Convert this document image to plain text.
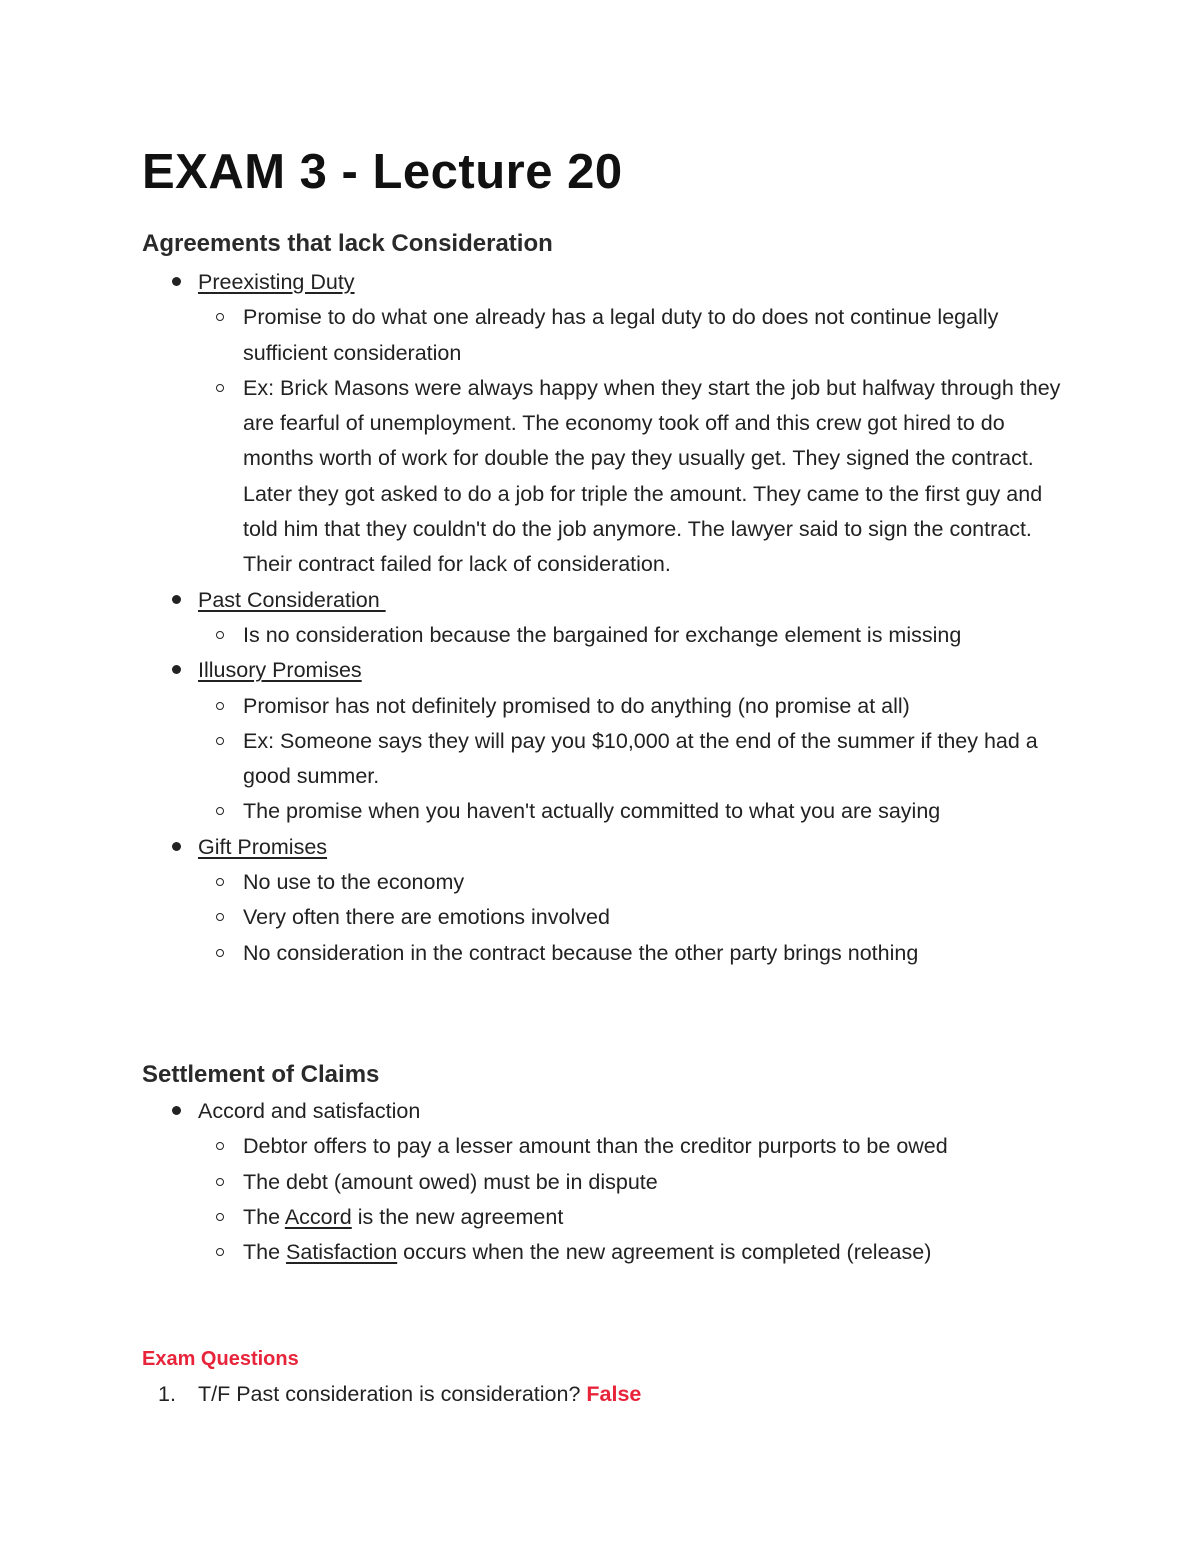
EXAM 3 - Lecture 20
Agreements that lack Consideration
Preexisting Duty
Promise to do what one already has a legal duty to do does not continue legally sufficient consideration
Ex: Brick Masons were always happy when they start the job but halfway through they are fearful of unemployment. The economy took off and this crew got hired to do months worth of work for double the pay they usually get. They signed the contract. Later they got asked to do a job for triple the amount. They came to the first guy and told him that they couldn't do the job anymore. The lawyer said to sign the contract. Their contract failed for lack of consideration.
Past Consideration
Is no consideration because the bargained for exchange element is missing
Illusory Promises
Promisor has not definitely promised to do anything (no promise at all)
Ex: Someone says they will pay you $10,000 at the end of the summer if they had a good summer.
The promise when you haven't actually committed to what you are saying
Gift Promises
No use to the economy
Very often there are emotions involved
No consideration in the contract because the other party brings nothing
Settlement of Claims
Accord and satisfaction
Debtor offers to pay a lesser amount than the creditor purports to be owed
The debt (amount owed) must be in dispute
The Accord is the new agreement
The Satisfaction occurs when the new agreement is completed (release)
Exam Questions
1. T/F Past consideration is consideration? False
